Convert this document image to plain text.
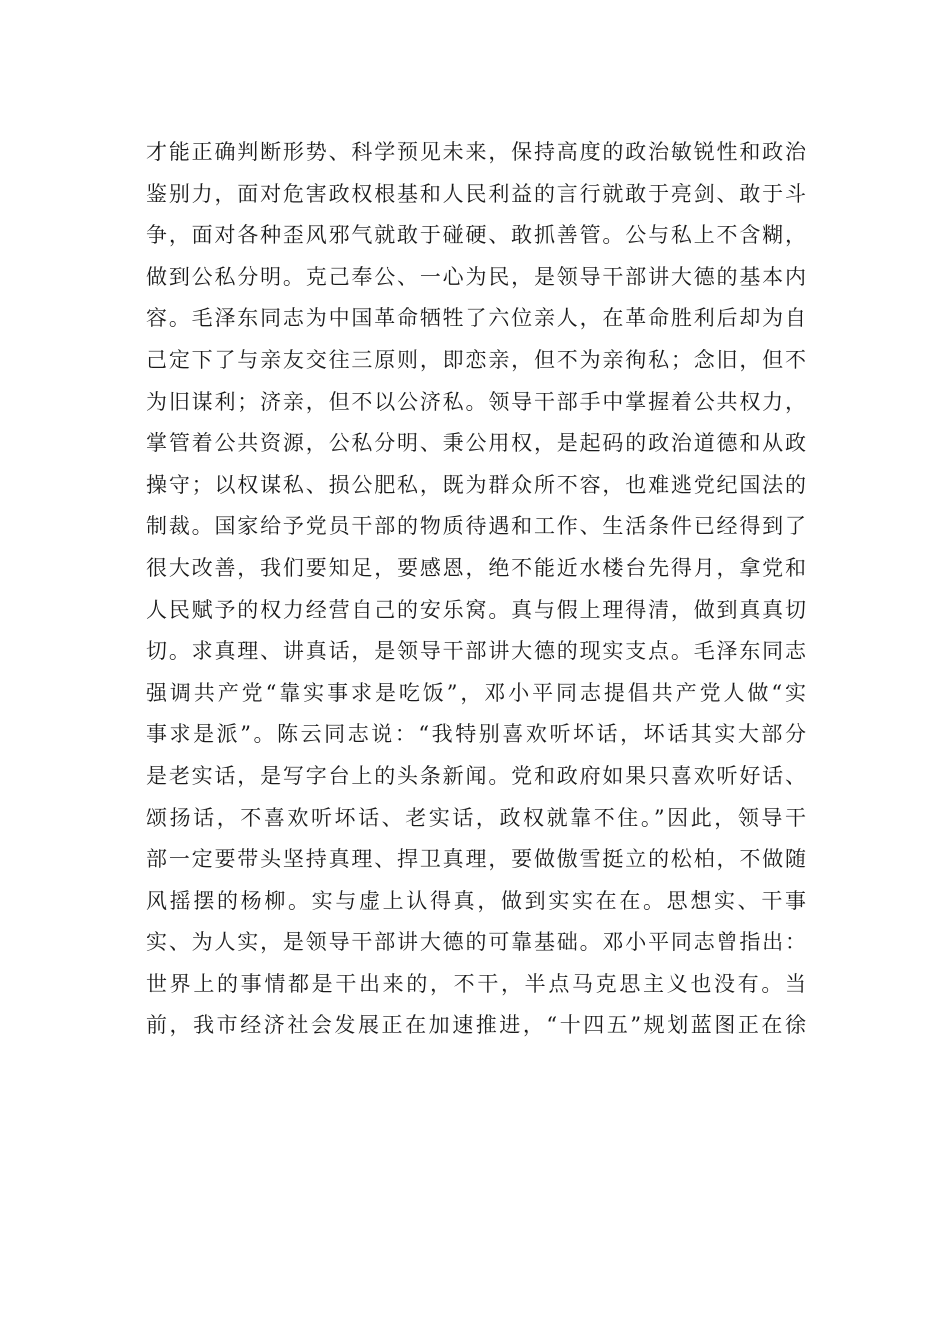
才能正确判断形势、科学预见未来，保持高度的政治敏锐性和政治
鉴别力，面对危害政权根基和人民利益的言行就敢于亮剑、敢于斗
争，面对各种歪风邪气就敢于碰硬、敢抓善管。公与私上不含糊，
做到公私分明。克己奉公、一心为民，是领导干部讲大德的基本内
容。毛泽东同志为中国革命牺牲了六位亲人，在革命胜利后却为自
己定下了与亲友交往三原则，即恋亲，但不为亲徇私；念旧，但不
为旧谋利；济亲，但不以公济私。领导干部手中掌握着公共权力，
掌管着公共资源，公私分明、秉公用权，是起码的政治道德和从政
操守；以权谋私、损公肥私，既为群众所不容，也难逃党纪国法的
制裁。国家给予党员干部的物质待遇和工作、生活条件已经得到了
很大改善，我们要知足，要感恩，绝不能近水楼台先得月，拿党和
人民赋予的权力经营自己的安乐窝。真与假上理得清，做到真真切
切。求真理、讲真话，是领导干部讲大德的现实支点。毛泽东同志
强调共产党“靠实事求是吃饭”，邓小平同志提倡共产党人做“实
事求是派”。陈云同志说：“我特别喜欢听坏话，坏话其实大部分
是老实话，是写字台上的头条新闻。党和政府如果只喜欢听好话、
颂扬话，不喜欢听坏话、老实话，政权就靠不住。”因此，领导干
部一定要带头坚持真理、捍卫真理，要做傲雪挺立的松柏，不做随
风摇摆的杨柳。实与虚上认得真，做到实实在在。思想实、干事
实、为人实，是领导干部讲大德的可靠基础。邓小平同志曾指出：
世界上的事情都是干出来的，不干，半点马克思主义也没有。当
前，我市经济社会发展正在加速推进，“十四五”规划蓝图正在徐
